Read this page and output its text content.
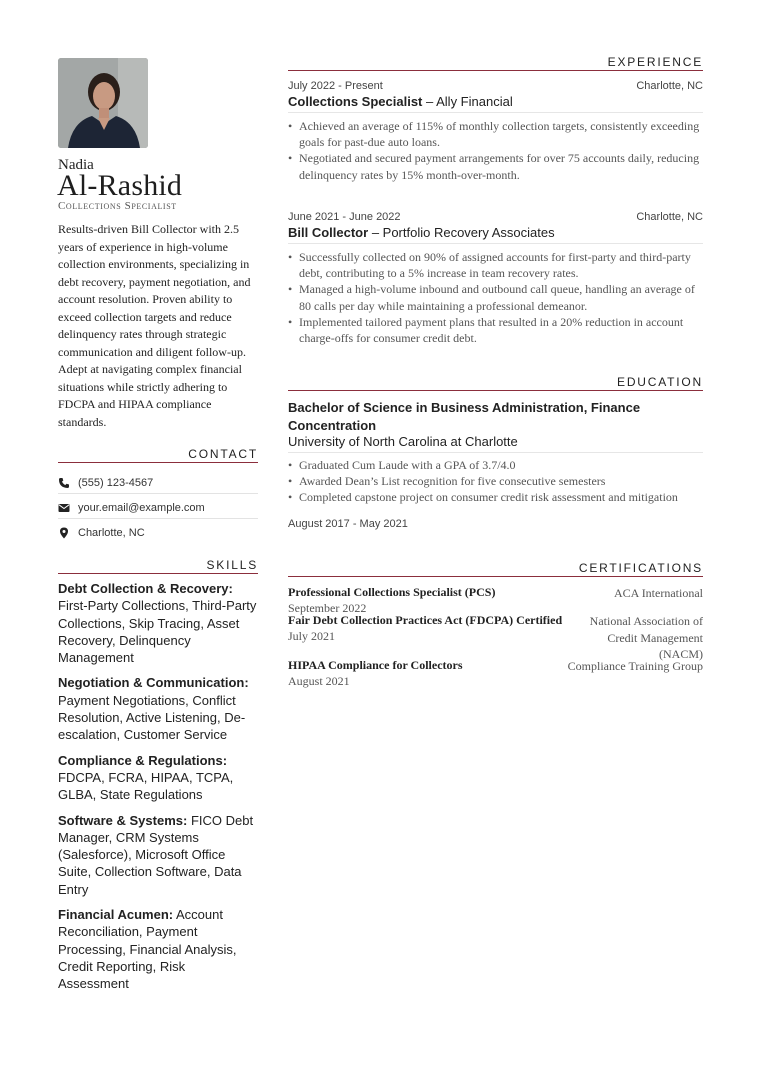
Nadia
Al-Rashid
Collections Specialist
Results-driven Bill Collector with 2.5 years of experience in high-volume collection environments, specializing in debt recovery, payment negotiation, and account resolution. Proven ability to exceed collection targets and reduce delinquency rates through strategic communication and diligent follow-up. Adept at navigating complex financial situations while strictly adhering to FDCPA and HIPAA compliance standards.
CONTACT
(555) 123-4567
your.email@example.com
Charlotte, NC
SKILLS
Debt Collection & Recovery: First-Party Collections, Third-Party Collections, Skip Tracing, Asset Recovery, Delinquency Management
Negotiation & Communication: Payment Negotiations, Conflict Resolution, Active Listening, De-escalation, Customer Service
Compliance & Regulations: FDCPA, FCRA, HIPAA, TCPA, GLBA, State Regulations
Software & Systems: FICO Debt Manager, CRM Systems (Salesforce), Microsoft Office Suite, Collection Software, Data Entry
Financial Acumen: Account Reconciliation, Payment Processing, Financial Analysis, Credit Reporting, Risk Assessment
EXPERIENCE
July 2022 - Present	Charlotte, NC
Collections Specialist – Ally Financial
• Achieved an average of 115% of monthly collection targets, consistently exceeding goals for past-due auto loans.
• Negotiated and secured payment arrangements for over 75 accounts daily, reducing delinquency rates by 15% month-over-month.
June 2021 - June 2022	Charlotte, NC
Bill Collector – Portfolio Recovery Associates
• Successfully collected on 90% of assigned accounts for first-party and third-party debt, contributing to a 5% increase in team recovery rates.
• Managed a high-volume inbound and outbound call queue, handling an average of 80 calls per day while maintaining a professional demeanor.
• Implemented tailored payment plans that resulted in a 20% reduction in account charge-offs for consumer credit debt.
EDUCATION
Bachelor of Science in Business Administration, Finance Concentration
University of North Carolina at Charlotte
• Graduated Cum Laude with a GPA of 3.7/4.0
• Awarded Dean’s List recognition for five consecutive semesters
• Completed capstone project on consumer credit risk assessment and mitigation
August 2017 - May 2021
CERTIFICATIONS
Professional Collections Specialist (PCS)	ACA International
September 2022
Fair Debt Collection Practices Act (FDCPA) Certified	National Association of Credit Management (NACM)
July 2021
HIPAA Compliance for Collectors	Compliance Training Group
August 2021
